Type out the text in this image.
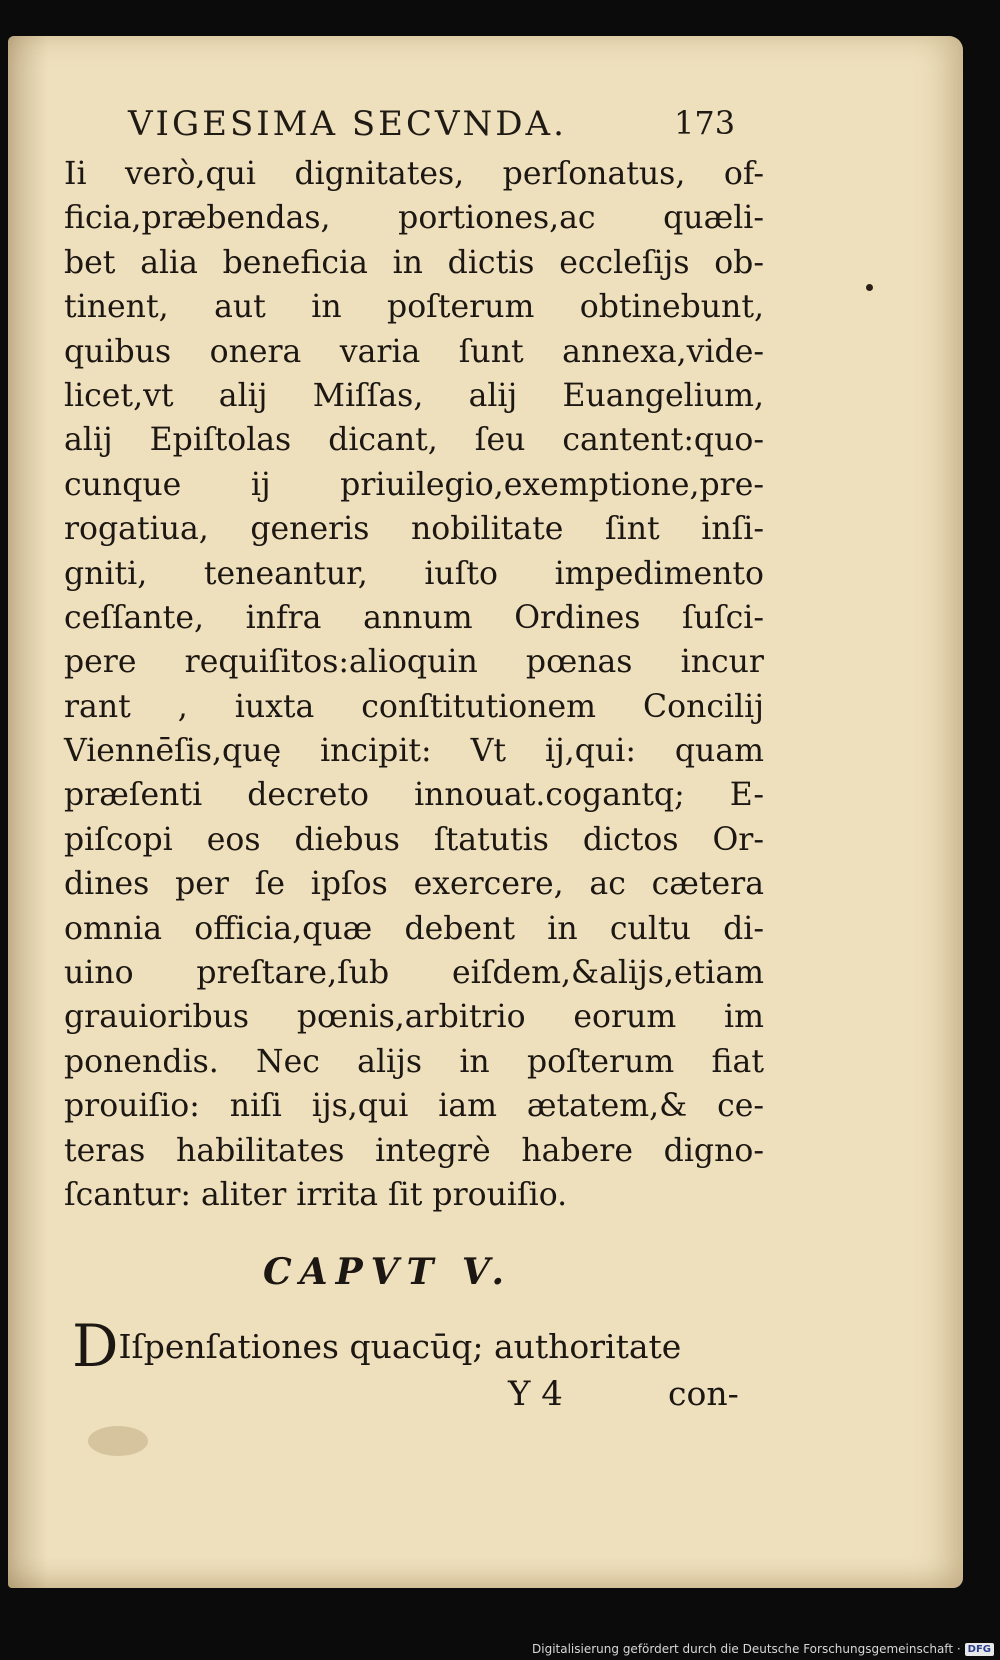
VIGESIMA SECVNDA.	173
Ii verò,qui dignitates, perſonatus, of-
ficia,præbendas, portiones,ac quæli-
bet alia beneficia in dictis eccleſijs ob-
tinent, aut in poſterum obtinebunt,
quibus onera varia ſunt annexa,vide-
licet,vt alij Miſſas, alij Euangelium,
alij Epiſtolas dicant, ſeu cantent:quo-
cunque ij priuilegio,exemptione,pre-
rogatiua, generis nobilitate ſint inſi-
gniti, teneantur, iuſto impedimento
ceſſante, infra annum Ordines ſuſci-
pere requiſitos:alioquin pœnas incur
rant , iuxta conſtitutionem Concilij
Viennēſis,quę incipit: Vt ij,qui: quam
præſenti decreto innouat.cogantq; E-
piſcopi eos diebus ſtatutis dictos Or-
dines per ſe ipſos exercere, ac cætera
omnia officia,quæ debent in cultu di-
uino preſtare,ſub eiſdem,&alijs,etiam
grauioribus pœnis,arbitrio eorum im
ponendis. Nec alijs in poſterum fiat
prouiſio: niſi ijs,qui iam ætatem,& ce-
teras habilitates integrè habere digno-
ſcantur: aliter irrita ſit prouiſio.
CAPVT V.
DIſpenſationes quacūq; authoritate
Y 4	con-
Digitalisierung gefördert durch die Deutsche Forschungsgemeinschaft · DFG
